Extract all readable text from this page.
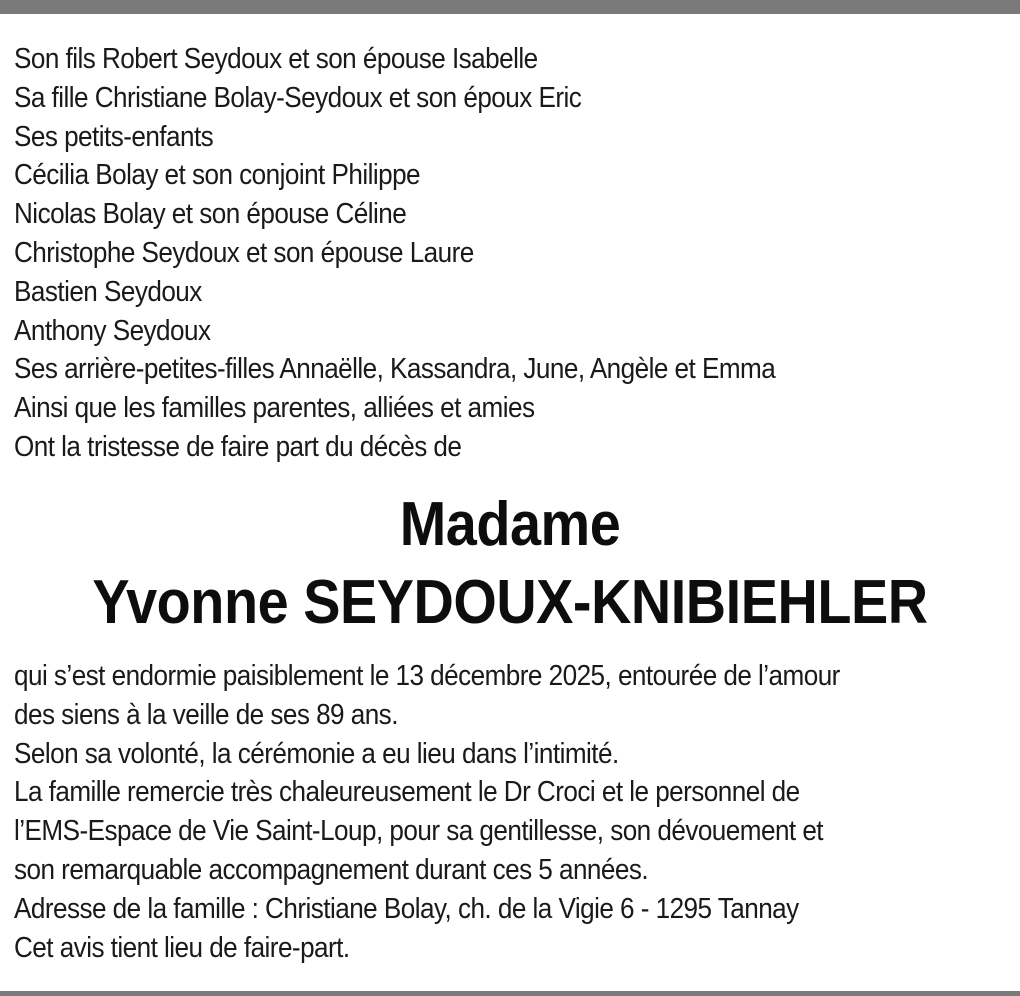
Son fils Robert Seydoux et son épouse Isabelle
Sa fille Christiane Bolay-Seydoux et son époux Eric
Ses petits-enfants
Cécilia Bolay et son conjoint Philippe
Nicolas Bolay et son épouse Céline
Christophe Seydoux et son épouse Laure
Bastien Seydoux
Anthony Seydoux
Ses arrière-petites-filles Annaëlle, Kassandra, June, Angèle et Emma
Ainsi que les familles parentes, alliées et amies
Ont la tristesse de faire part du décès de
Madame
Yvonne SEYDOUX-KNIBIEHLER
qui s’est endormie paisiblement le 13 décembre 2025, entourée de l’amour
des siens à la veille de ses 89 ans.
Selon sa volonté, la cérémonie a eu lieu dans l’intimité.
La famille remercie très chaleureusement le Dr Croci et le personnel de
l’EMS-Espace de Vie Saint-Loup, pour sa gentillesse, son dévouement et
son remarquable accompagnement durant ces 5 années.
Adresse de la famille : Christiane Bolay, ch. de la Vigie 6 - 1295 Tannay
Cet avis tient lieu de faire-part.
